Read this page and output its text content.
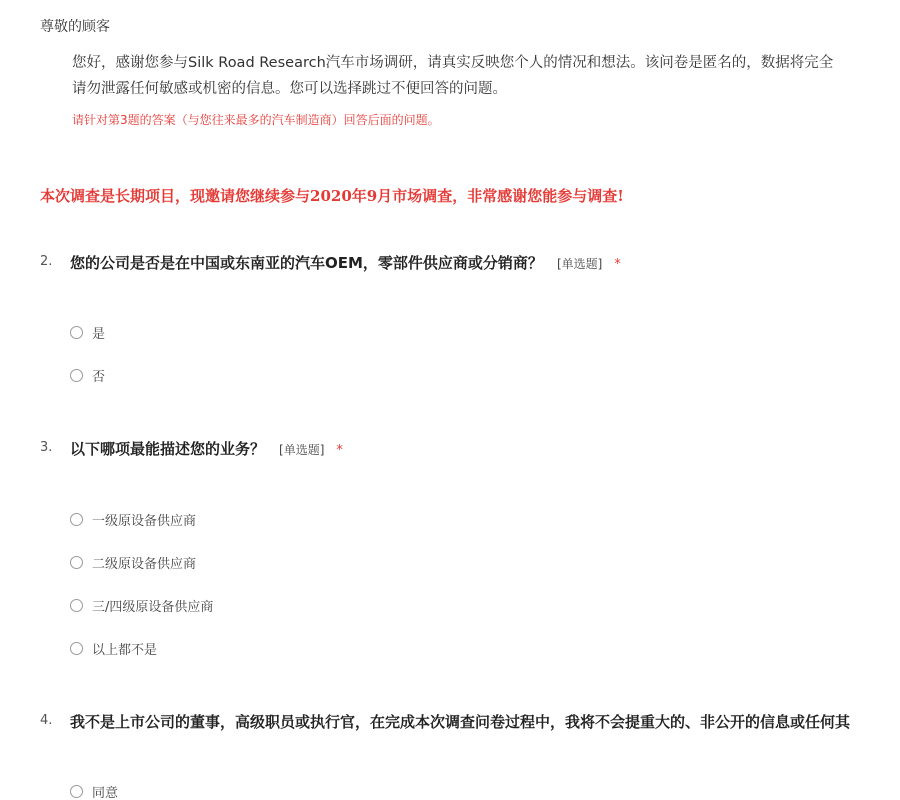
尊敬的顾客

您好，感谢您参与Silk Road Research汽车市场调研，请真实反映您个人的情况和想法。该问卷是匿名的，数据将完全

请勿泄露任何敏感或机密的信息。您可以选择跳过不便回答的问题。

请针对第3题的答案（与您往来最多的汽车制造商）回答后面的问题。
本次调查是长期项目，现邀请您继续参与2020年9月市场调查，非常感谢您能参与调查!
2. 您的公司是否是在中国或东南亚的汽车OEM，零部件供应商或分销商？ [单选题] *
是
否
3. 以下哪项最能描述您的业务？ [单选题] *
一级原设备供应商
二级原设备供应商
三/四级原设备供应商
以上都不是
4. 我不是上市公司的董事，高级职员或执行官，在完成本次调查问卷过程中，我将不会提重大的、非公开的信息或任何其
同意
